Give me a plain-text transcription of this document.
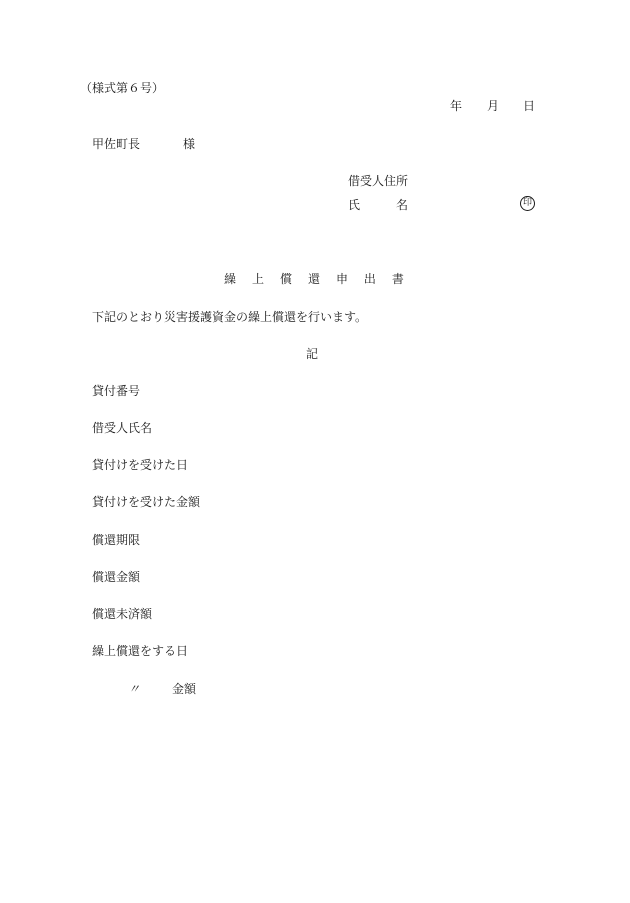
（様式第６号）
年 月 日
甲佐町長	様
借受人住所
氏	名	印
繰 上 償 還 申 出 書
下記のとおり災害援護資金の繰上償還を行います。
記
貸付番号
借受人氏名
貸付けを受けた日
貸付けを受けた金額
償還期限
償還金額
償還未済額
繰上償還をする日
〃	金額
